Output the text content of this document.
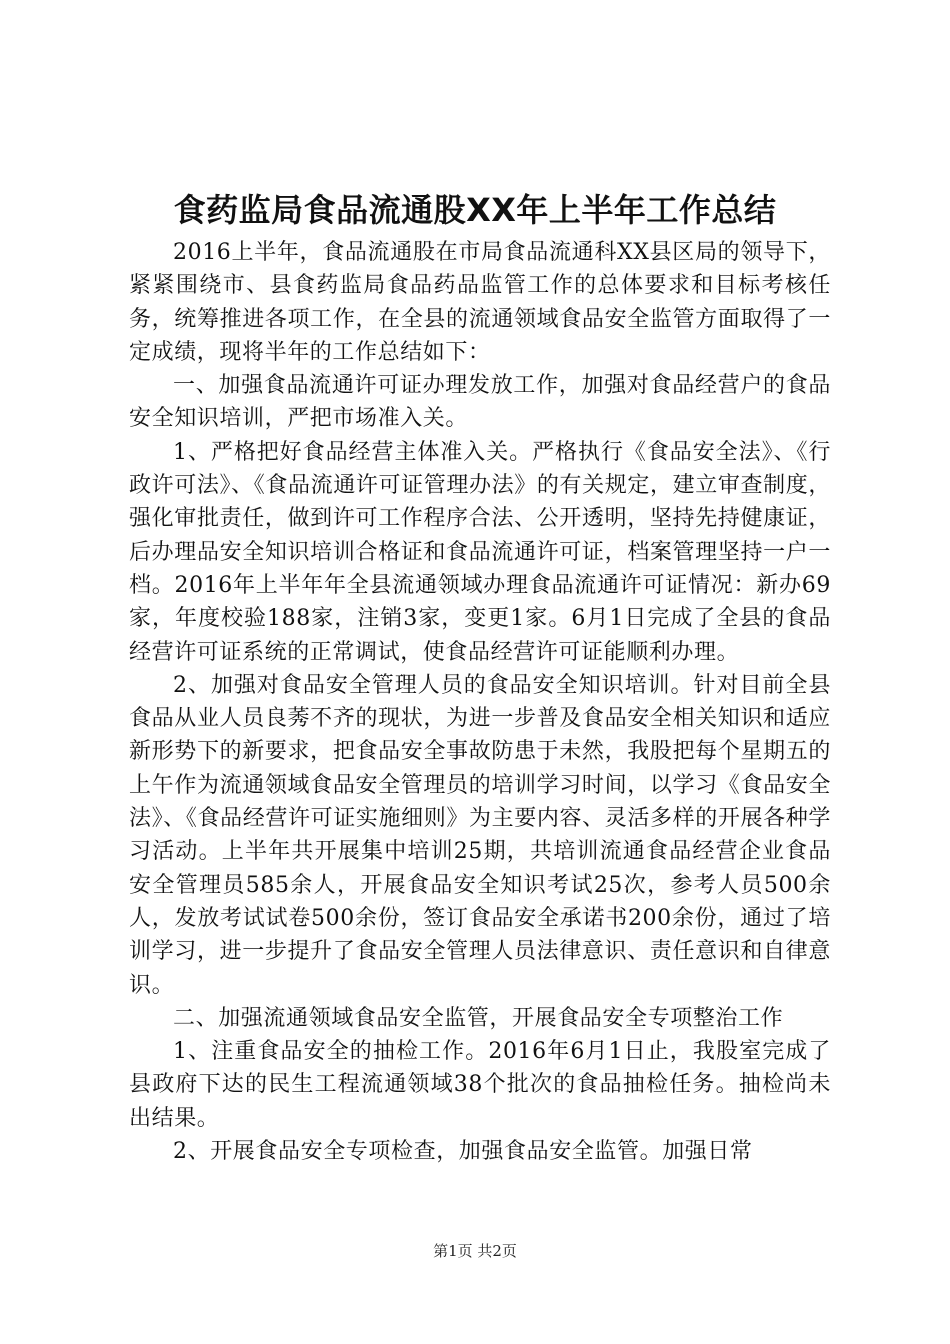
食药监局食品流通股XX年上半年工作总结

2016上半年，食品流通股在市局食品流通科XX县区局的领导下，紧紧围绕市、县食药监局食品药品监管工作的总体要求和目标考核任务，统筹推进各项工作，在全县的流通领域食品安全监管方面取得了一定成绩，现将半年的工作总结如下：

一、加强食品流通许可证办理发放工作，加强对食品经营户的食品安全知识培训，严把市场准入关。

1、严格把好食品经营主体准入关。严格执行《食品安全法》、《行政许可法》、《食品流通许可证管理办法》的有关规定，建立审查制度，强化审批责任，做到许可工作程序合法、公开透明，坚持先持健康证，后办理品安全知识培训合格证和食品流通许可证，档案管理坚持一户一档。2016年上半年年全县流通领域办理食品流通许可证情况：新办69家，年度校验188家，注销3家，变更1家。6月1日完成了全县的食品经营许可证系统的正常调试，使食品经营许可证能顺利办理。

2、加强对食品安全管理人员的食品安全知识培训。针对目前全县食品从业人员良莠不齐的现状，为进一步普及食品安全相关知识和适应新形势下的新要求，把食品安全事故防患于未然，我股把每个星期五的上午作为流通领域食品安全管理员的培训学习时间，以学习《食品安全法》、《食品经营许可证实施细则》为主要内容、灵活多样的开展各种学习活动。上半年共开展集中培训25期，共培训流通食品经营企业食品安全管理员585余人，开展食品安全知识考试25次，参考人员500余人，发放考试试卷500余份，签订食品安全承诺书200余份，通过了培训学习，进一步提升了食品安全管理人员法律意识、责任意识和自律意识。

二、加强流通领域食品安全监管，开展食品安全专项整治工作

1、注重食品安全的抽检工作。2016年6月1日止，我股室完成了县政府下达的民生工程流通领域38个批次的食品抽检任务。抽检尚未出结果。

2、开展食品安全专项检查，加强食品安全监管。加强日常

第1页 共2页
